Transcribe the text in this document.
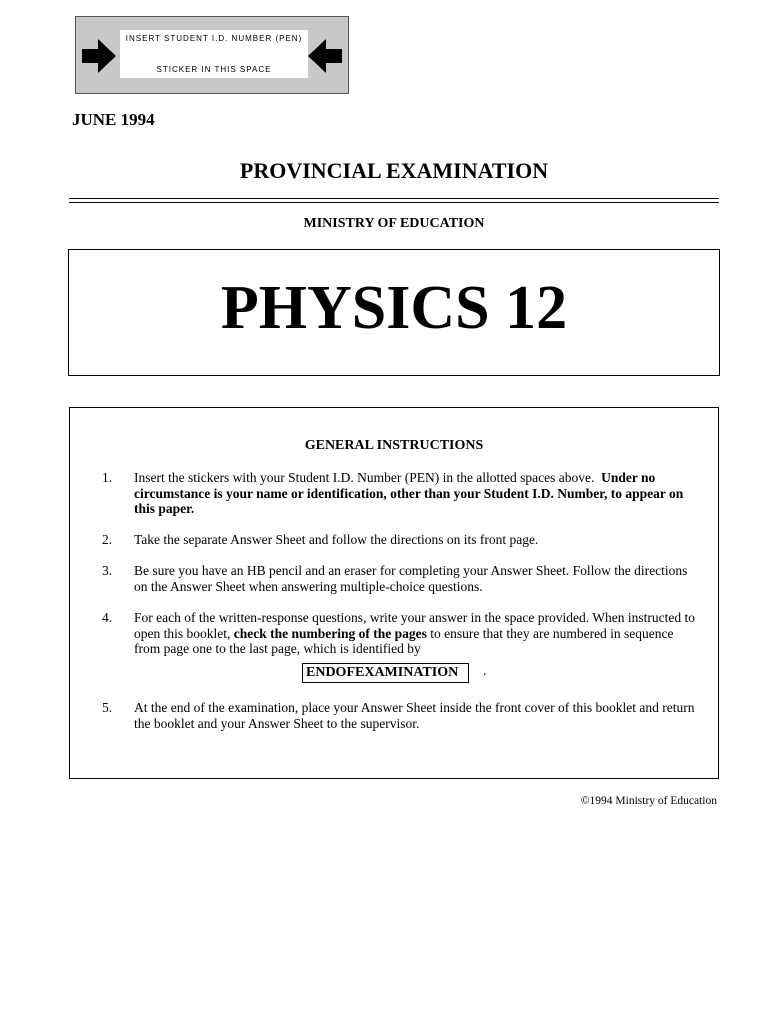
INSERT STUDENT I.D. NUMBER (PEN)
STICKER IN THIS SPACE
JUNE 1994
PROVINCIAL EXAMINATION
MINISTRY OF EDUCATION
PHYSICS 12
GENERAL INSTRUCTIONS
1.	Insert the stickers with your Student I.D. Number (PEN) in the allotted spaces above. Under no circumstance is your name or identification, other than your Student I.D. Number, to appear on this paper.
2.	Take the separate Answer Sheet and follow the directions on its front page.
3.	Be sure you have an HB pencil and an eraser for completing your Answer Sheet. Follow the directions on the Answer Sheet when answering multiple-choice questions.
4.	For each of the written-response questions, write your answer in the space provided. When instructed to open this booklet, check the numbering of the pages to ensure that they are numbered in sequence from page one to the last page, which is identified by
ENDOFEXAMINATION	.
5.	At the end of the examination, place your Answer Sheet inside the front cover of this booklet and return the booklet and your Answer Sheet to the supervisor.
©1994 Ministry of Education
